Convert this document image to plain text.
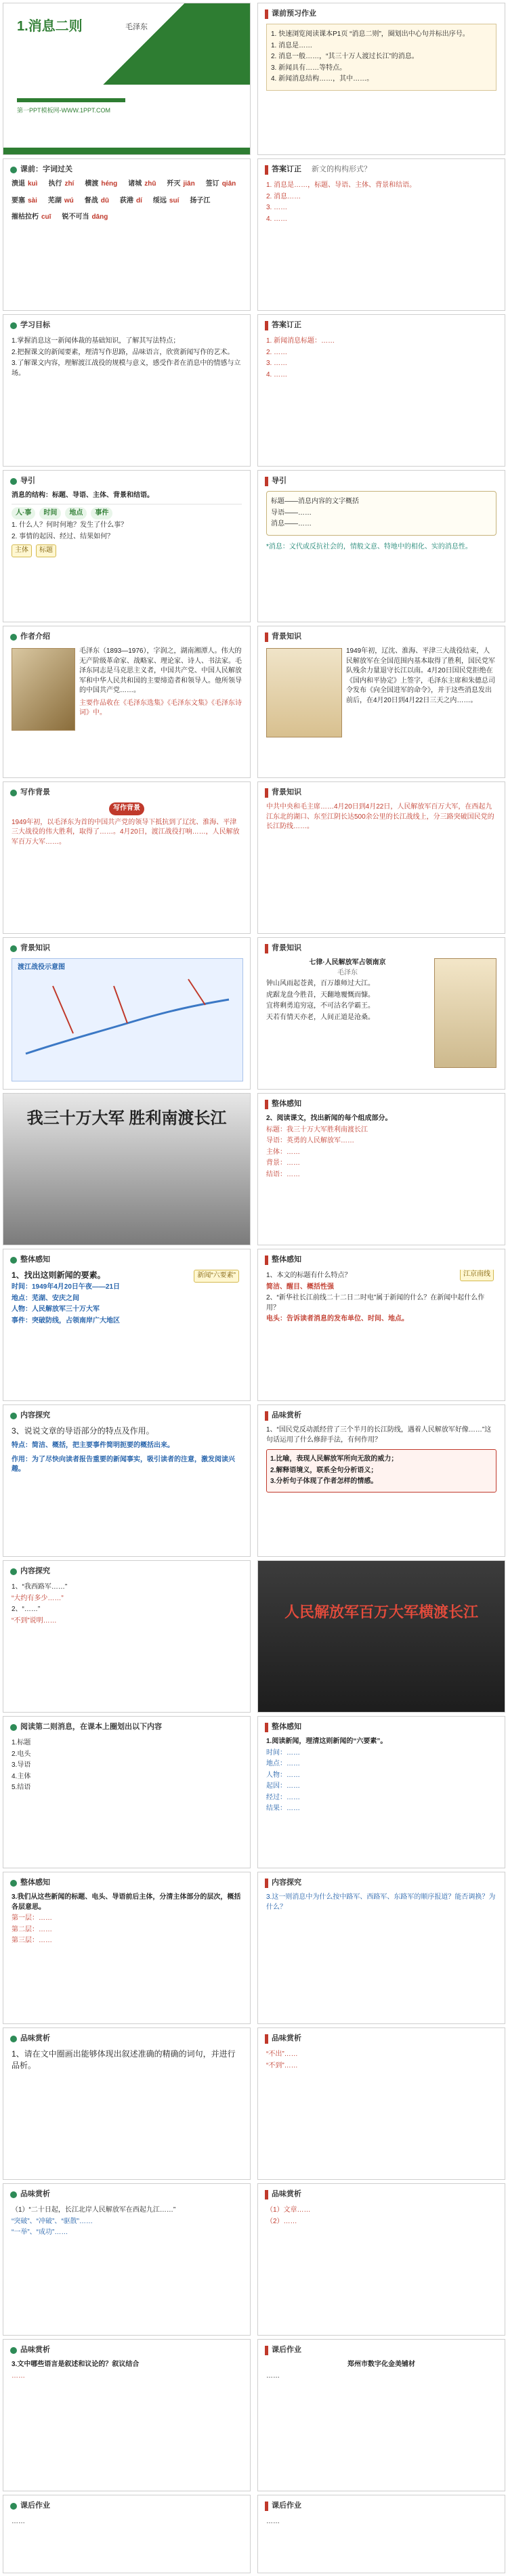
1.消息二则	毛泽东
第一PPT模板网-WWW.1PPT.COM
课前预习作业
1. 快速浏览阅读课本P1页 “消息二则”，圈划出中心句并标出序号。
1. 消息是……
2. 消息一般……，“其三十万人渡过长江”的消息。
3. 新闻具有……等特点。
4. 新闻消息结构……，其中……。
课前：字词过关
溃退 kuì 执行 zhí 横渡 héng 诸城 zhū 歼灭 jiān 签订 qiān
要塞 sài 芜湖 wú 督战 dū 荻港 dí 绥远 suí 扬子江
摧枯拉朽 cuī 锐不可当 dāng
答案订正 新文的构构形式？
1. 消息是……，标题、导语、主体、背景和结语。
2. 消息……
3. ……
4. ……
学习目标
1.掌握消息这一新闻体裁的基础知识，了解其写法特点；
2.把握课文的新闻要素，理清写作思路，品味语言，欣赏新闻写作的艺术。
3.了解课文内容，理解渡江战役的规模与意义，感受作者在消息中的情感与立场。
答案订正
1. 新闻消息标题：……
2. ……
3. ……
4. ……
导引
消息的结构：标题、导语、主体、背景和结语。
人·事	时间	地点	事件
1. 什么人？何时何地？发生了什么事？
2. 事情的起因、经过、结果如何？
主体	标题
导引
标题——消息内容的文字概括
导语——……
消息——……
*消息：文代或反抗社会的，情般文意、特地中的相化、实的消息性。
作者介绍
毛泽东（1893—1976），字润之，湖南湘潭人。伟大的无产阶级革命家、战略家、理论家、诗人、书法家。毛泽东同志是马克思主义者，中国共产党、中国人民解放军和中华人民共和国的主要缔造者和领导人。他所领导的中国共产党……。
主要作品收在《毛泽东选集》《毛泽东文集》《毛泽东诗词》中。
背景知识
1949年初，辽沈、淮海、平津三大战役结束，人民解放军在全国范围内基本取得了胜利，国民党军队残余力量退守长江以南。4月20日国民党拒绝在《国内和平协定》上签字，毛泽东主席和朱德总司令发布《向全国进军的命令》，并于这些消息发出前后，在4月20日到4月22日三天之内……。
写作背景
写作背景
1949年初，以毛泽东为首的中国共产党的领导下抵抗到了辽沈、淮海、平津三大战役的伟大胜利，取得了……。4月20日，渡江战役打响……，人民解放军百万大军……。
背景知识
中共中央和毛主席……4月20日到4月22日，人民解放军百万大军，在西起九江东北的湖口、东至江阴长达500余公里的长江战线上，分三路突破国民党的长江防线……。
背景知识
渡江战役示意图
背景知识
七律·人民解放军占领南京
毛泽东
钟山风雨起苍黄，百万雄师过大江。
虎踞龙盘今胜昔，天翻地覆慨而慷。
宜将剩勇追穷寇，不可沽名学霸王。
天若有情天亦老，人间正道是沧桑。
我三十万大军 胜利南渡长江
整体感知
2、阅读课文，找出新闻的每个组成部分。
标题：我三十万大军胜利南渡长江
导语：英勇的人民解放军……
主体：……
背景：……
结语：……
整体感知
1、找出这则新闻的要素。
时间：1949年4月20日午夜——21日
地点：芜湖、安庆之间
人物：人民解放军三十万大军
事件：突破防线，占领南岸广大地区
新闻“六要素”
整体感知
1、本文的标题有什么特点？
简洁、醒目、概括性强
2、“新华社长江前线二十二日二时电”属于新闻的什么？在新闻中起什么作用？
电头：告诉读者消息的发布单位、时间、地点。
江京南线
内容探究
3、说说文章的导语部分的特点及作用。
特点：简洁、概括，把主要事件简明扼要的概括出来。
作用：为了尽快向读者报告重要的新闻事实，吸引读者的注意，激发阅读兴趣。
品味赏析
1、“国民党反动派经营了三个半月的长江防线，遇着人民解放军好像……”这句话运用了什么修辞手法，有何作用？
1.比喻，表现人民解放军所向无敌的威力；
2.解释语境义，联系全句分析语义；
3.分析句子体现了作者怎样的情感。
内容探究
1、“我西路军……”
“大约有多少……”
2、“……”
“不到”说明……	人民解放军百万大军横渡长江
阅读第二则消息，在课本上圈划出以下内容
1.标题
2.电头
3.导语
4.主体
5.结语
整体感知
1.阅读新闻，理清这则新闻的“六要素”。
时间：……
地点：……
人物：……
起因：……
经过：……
结果：……
整体感知
3.我们从这些新闻的标题、电头、导语前后主体，分清主体部分的层次，概括各层意思。
第一层：……
第二层：……
第三层：……
内容探究
3.这一则消息中为什么按中路军、西路军、东路军的顺序报道？能否调换？为什么？
品味赏析
1、请在文中圈画出能够体现出叙述准确的精确的词句，并进行品析。
品味赏析
“不出”……
“不到”……
品味赏析
（1）“二十日起，长江北岸人民解放军在西起九江……”
“突破”、“冲破”、“驱散”……
“一举”、“成功”……
品味赏析
（1）文章……
（2）……
品味赏析
3.文中哪些语言是叙述和议论的？叙议结合
……
课后作业
郑州市数字化金美铺材
……
课后作业
……
课后作业
……
